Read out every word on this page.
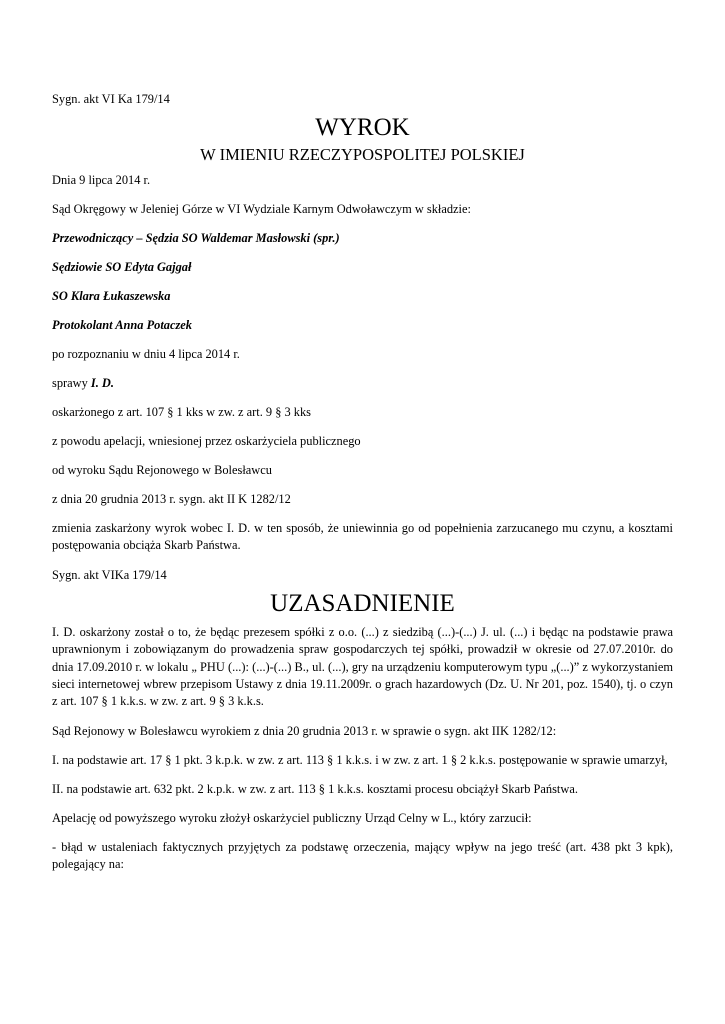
Sygn. akt VI Ka 179/14
WYROK
W IMIENIU RZECZYPOSPOLITEJ POLSKIEJ
Dnia 9 lipca 2014 r.
Sąd Okręgowy w Jeleniej Górze w VI Wydziale Karnym Odwoławczym w składzie:
Przewodniczący – Sędzia SO Waldemar Masłowski (spr.)
Sędziowie SO Edyta Gajgał
SO Klara Łukaszewska
Protokolant Anna Potaczek
po rozpoznaniu w dniu 4 lipca 2014 r.
sprawy I. D.
oskarżonego z art. 107 § 1 kks w zw. z art. 9 § 3 kks
z powodu apelacji, wniesionej przez oskarżyciela publicznego
od wyroku Sądu Rejonowego w Bolesławcu
z dnia 20 grudnia 2013 r. sygn. akt II K 1282/12
zmienia zaskarżony wyrok wobec I. D. w ten sposób, że uniewinnia go od popełnienia zarzucanego mu czynu, a kosztami postępowania obciąża Skarb Państwa.
Sygn. akt VIKa 179/14
UZASADNIENIE
I. D. oskarżony został o to, że będąc prezesem spółki z o.o. (...) z siedzibą (...)-(...) J. ul. (...) i będąc na podstawie prawa uprawnionym i zobowiązanym do prowadzenia spraw gospodarczych tej spółki, prowadził w okresie od 27.07.2010r. do dnia 17.09.2010 r. w lokalu „ PHU (...): (...)-(...) B., ul. (...), gry na urządzeniu komputerowym typu „(...)” z wykorzystaniem sieci internetowej wbrew przepisom Ustawy z dnia 19.11.2009r. o grach hazardowych (Dz. U. Nr 201, poz. 1540), tj. o czyn z art. 107 § 1 k.k.s. w zw. z art. 9 § 3 k.k.s.
Sąd Rejonowy w Bolesławcu wyrokiem z dnia 20 grudnia 2013 r. w sprawie o sygn. akt IIK 1282/12:
I. na podstawie art. 17 § 1 pkt. 3 k.p.k. w zw. z art. 113 § 1 k.k.s. i w zw. z art. 1 § 2 k.k.s. postępowanie w sprawie umarzył,
II. na podstawie art. 632 pkt. 2 k.p.k. w zw. z art. 113 § 1 k.k.s. kosztami procesu obciążył Skarb Państwa.
Apelację od powyższego wyroku złożył oskarżyciel publiczny Urząd Celny w L., który zarzucił:
- błąd w ustaleniach faktycznych przyjętych za podstawę orzeczenia, mający wpływ na jego treść (art. 438 pkt 3 kpk), polegający na:
